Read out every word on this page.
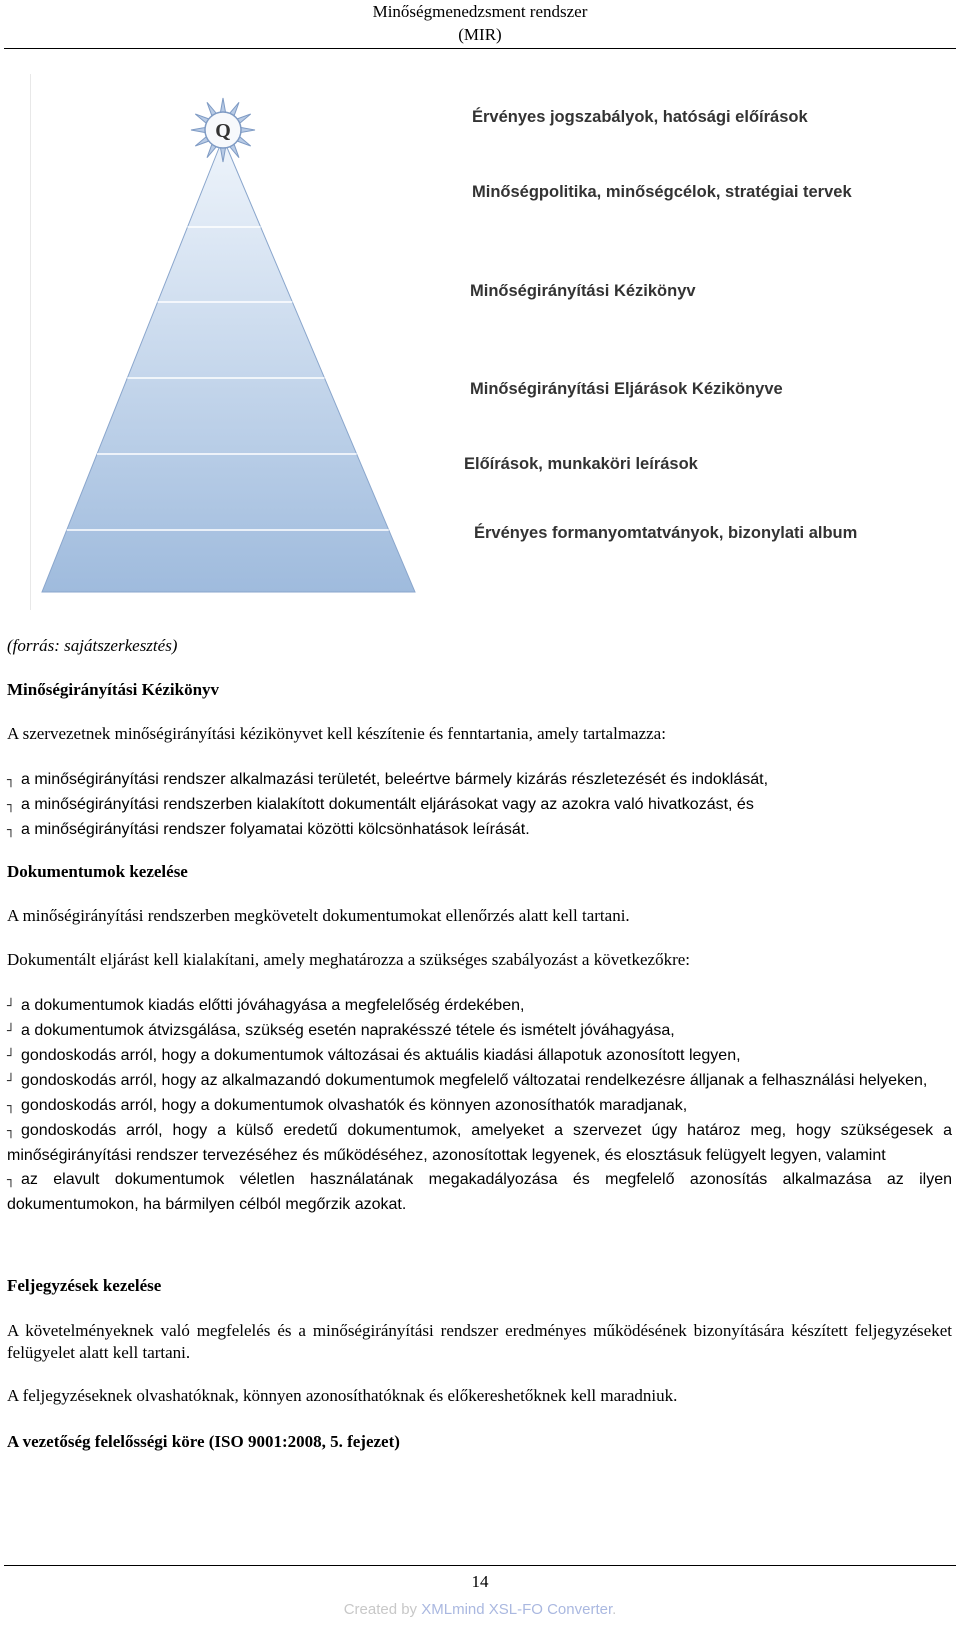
Minőségmenedzsment rendszer
(MIR)
Q
Érvényes jogszabályok, hatósági előírások
Minőségpolitika, minőségcélok, stratégiai tervek
Minőségirányítási Kézikönyv
Minőségirányítási Eljárások Kézikönyve
Előírások, munkaköri leírások
Érvényes formanyomtatványok, bizonylati album

(forrás: sajátszerkesztés)

Minőségirányítási Kézikönyv

A szervezetnek minőségirányítási kézikönyvet kell készítenie és fenntartania, amely tartalmazza:

┐ a minőségirányítási rendszer alkalmazási területét, beleértve bármely kizárás részletezését és indoklását,
┐ a minőségirányítási rendszerben kialakított dokumentált eljárásokat vagy az azokra való hivatkozást, és
┐ a minőségirányítási rendszer folyamatai közötti kölcsönhatások leírását.

Dokumentumok kezelése

A minőségirányítási rendszerben megkövetelt dokumentumokat ellenőrzés alatt kell tartani.

Dokumentált eljárást kell kialakítani, amely meghatározza a szükséges szabályozást a következőkre:

┘ a dokumentumok kiadás előtti jóváhagyása a megfelelőség érdekében,
┘ a dokumentumok átvizsgálása, szükség esetén naprakésszé tétele és ismételt jóváhagyása,
┘ gondoskodás arról, hogy a dokumentumok változásai és aktuális kiadási állapotuk azonosított legyen,
┘ gondoskodás arról, hogy az alkalmazandó dokumentumok megfelelő változatai rendelkezésre álljanak a felhasználási helyeken,
┐ gondoskodás arról, hogy a dokumentumok olvashatók és könnyen azonosíthatók maradjanak,
┐ gondoskodás arról, hogy a külső eredetű dokumentumok, amelyeket a szervezet úgy határoz meg, hogy szükségesek a minőségirányítási rendszer tervezéséhez és működéséhez, azonosítottak legyenek, és elosztásuk felügyelt legyen, valamint
┐ az elavult dokumentumok véletlen használatának megakadályozása és megfelelő azonosítás alkalmazása az ilyen dokumentumokon, ha bármilyen célból megőrzik azokat.

Feljegyzések kezelése

A követelményeknek való megfelelés és a minőségirányítási rendszer eredményes működésének bizonyítására készített feljegyzéseket felügyelet alatt kell tartani.

A feljegyzéseknek olvashatóknak, könnyen azonosíthatóknak és előkereshetőknek kell maradniuk.

A vezetőség felelősségi köre (ISO 9001:2008, 5. fejezet)

14
Created by XMLmind XSL-FO Converter.
